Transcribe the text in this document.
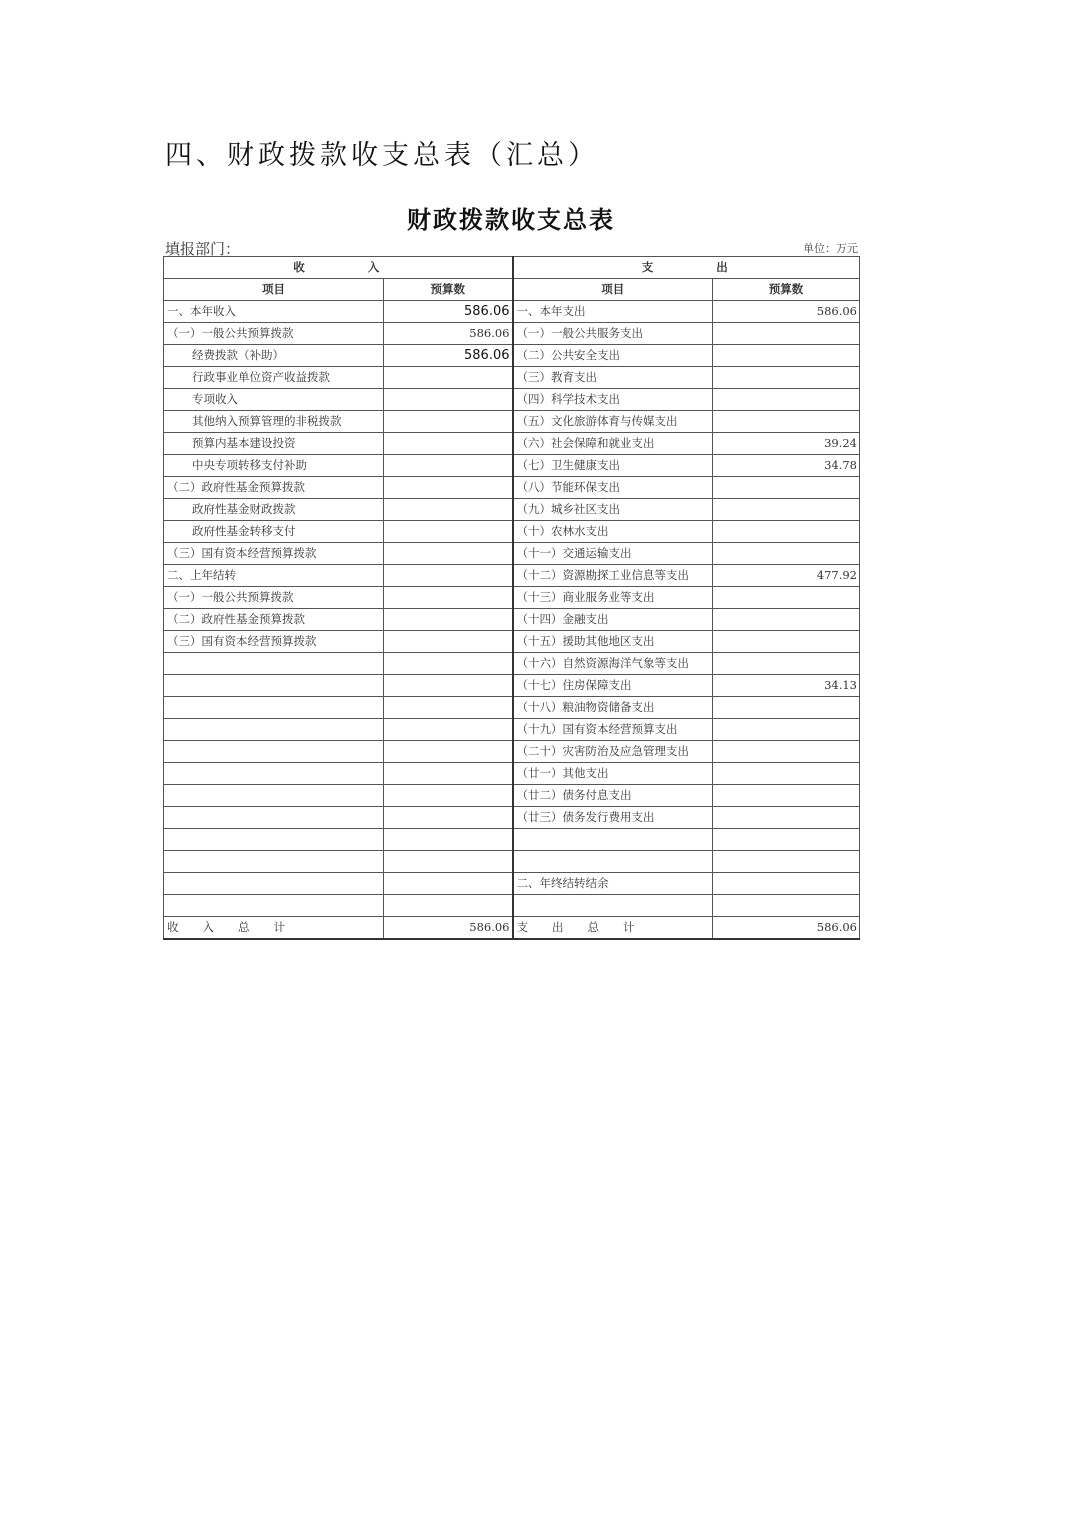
四、财政拨款收支总表（汇总）
财政拨款收支总表
填报部门：	单位：万元
收 入		支 出	
项目	预算数	项目	预算数
一、本年收入	586.06	一、本年支出	586.06
（一）一般公共预算拨款	586.06	（一）一般公共服务支出	
经费拨款（补助）	586.06	（二）公共安全支出	
行政事业单位资产收益拨款		（三）教育支出	
专项收入		（四）科学技术支出	
其他纳入预算管理的非税拨款		（五）文化旅游体育与传媒支出	
预算内基本建设投资		（六）社会保障和就业支出	39.24
中央专项转移支付补助		（七）卫生健康支出	34.78
（二）政府性基金预算拨款		（八）节能环保支出	
政府性基金财政拨款		（九）城乡社区支出	
政府性基金转移支付		（十）农林水支出	
（三）国有资本经营预算拨款		（十一）交通运输支出	
二、上年结转		（十二）资源勘探工业信息等支出	477.92
（一）一般公共预算拨款		（十三）商业服务业等支出	
（二）政府性基金预算拨款		（十四）金融支出	
（三）国有资本经营预算拨款		（十五）援助其他地区支出	
		（十六）自然资源海洋气象等支出	
		（十七）住房保障支出	34.13
		（十八）粮油物资储备支出	
		（十九）国有资本经营预算支出	
		（二十）灾害防治及应急管理支出	
		（廿一）其他支出	
		（廿二）债务付息支出	
		（廿三）债务发行费用支出	

		二、年终结转结余	

收 入 总 计	586.06	支 出 总 计	586.06
